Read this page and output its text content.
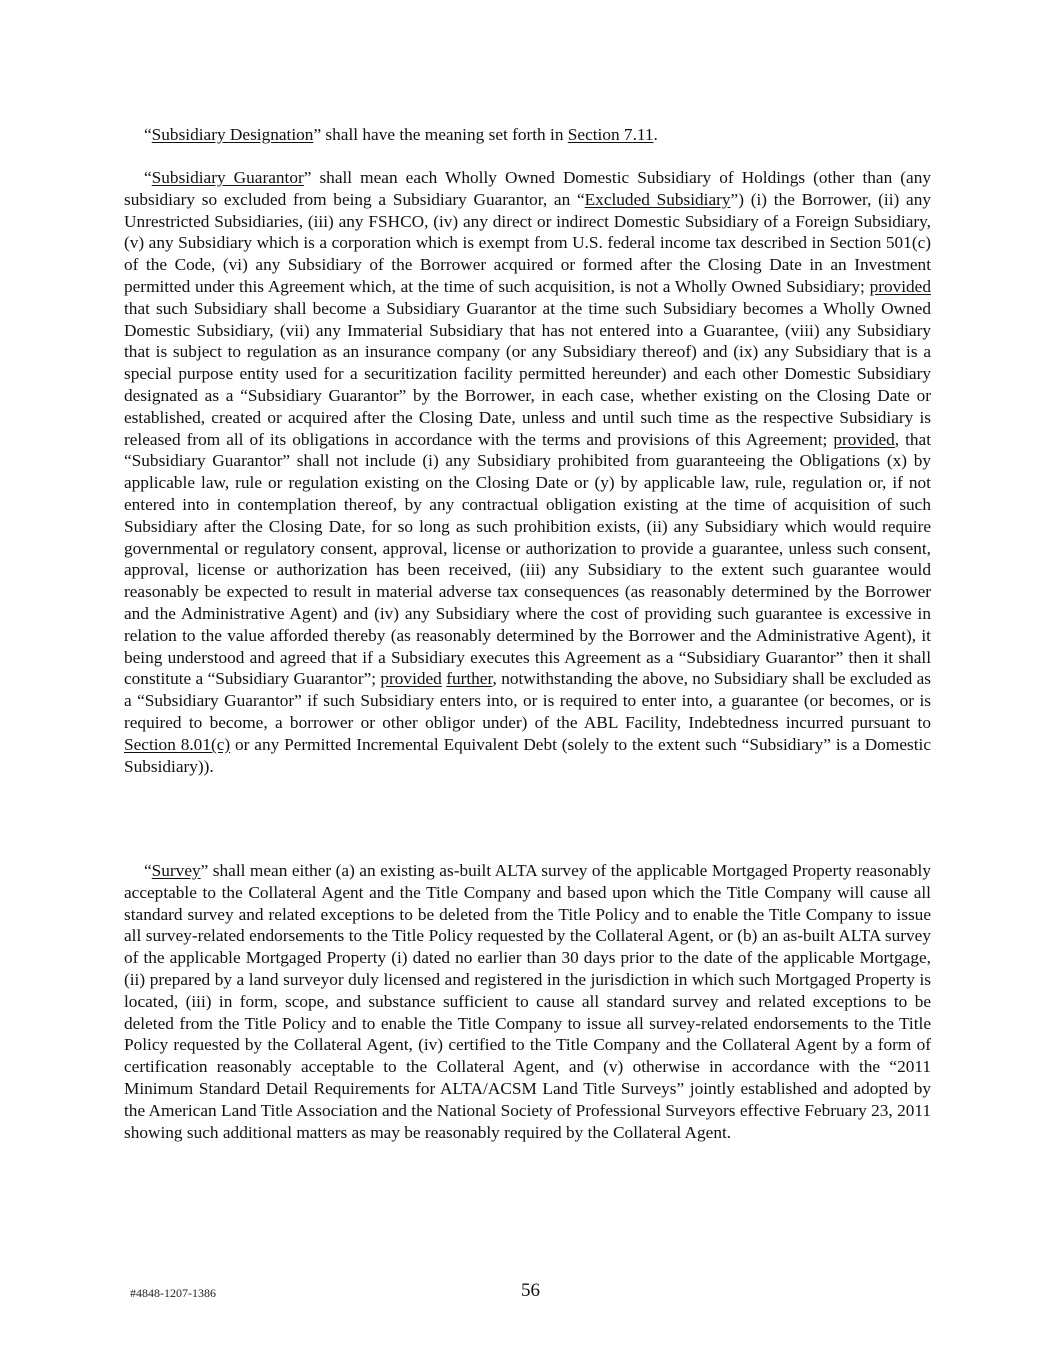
“Subsidiary Designation” shall have the meaning set forth in Section 7.11.

“Subsidiary Guarantor” shall mean each Wholly Owned Domestic Subsidiary of Holdings (other than (any subsidiary so excluded from being a Subsidiary Guarantor, an “Excluded Subsidiary”) (i) the Borrower, (ii) any Unrestricted Subsidiaries, (iii) any FSHCO, (iv) any direct or indirect Domestic Subsidiary of a Foreign Subsidiary, (v) any Subsidiary which is a corporation which is exempt from U.S. federal income tax described in Section 501(c) of the Code, (vi) any Subsidiary of the Borrower acquired or formed after the Closing Date in an Investment permitted under this Agreement which, at the time of such acquisition, is not a Wholly Owned Subsidiary; provided that such Subsidiary shall become a Subsidiary Guarantor at the time such Subsidiary becomes a Wholly Owned Domestic Subsidiary, (vii) any Immaterial Subsidiary that has not entered into a Guarantee, (viii) any Subsidiary that is subject to regulation as an insurance company (or any Subsidiary thereof) and (ix) any Subsidiary that is a special purpose entity used for a securitization facility permitted hereunder) and each other Domestic Subsidiary designated as a “Subsidiary Guarantor” by the Borrower, in each case, whether existing on the Closing Date or established, created or acquired after the Closing Date, unless and until such time as the respective Subsidiary is released from all of its obligations in accordance with the terms and provisions of this Agreement; provided, that “Subsidiary Guarantor” shall not include (i) any Subsidiary prohibited from guaranteeing the Obligations (x) by applicable law, rule or regulation existing on the Closing Date or (y) by applicable law, rule, regulation or, if not entered into in contemplation thereof, by any contractual obligation existing at the time of acquisition of such Subsidiary after the Closing Date, for so long as such prohibition exists, (ii) any Subsidiary which would require governmental or regulatory consent, approval, license or authorization to provide a guarantee, unless such consent, approval, license or authorization has been received, (iii) any Subsidiary to the extent such guarantee would reasonably be expected to result in material adverse tax consequences (as reasonably determined by the Borrower and the Administrative Agent) and (iv) any Subsidiary where the cost of providing such guarantee is excessive in relation to the value afforded thereby (as reasonably determined by the Borrower and the Administrative Agent), it being understood and agreed that if a Subsidiary executes this Agreement as a “Subsidiary Guarantor” then it shall constitute a “Subsidiary Guarantor”; provided further, notwithstanding the above, no Subsidiary shall be excluded as a “Subsidiary Guarantor” if such Subsidiary enters into, or is required to enter into, a guarantee (or becomes, or is required to become, a borrower or other obligor under) of the ABL Facility, Indebtedness incurred pursuant to Section 8.01(c) or any Permitted Incremental Equivalent Debt (solely to the extent such “Subsidiary” is a Domestic Subsidiary)).

“Survey” shall mean either (a) an existing as-built ALTA survey of the applicable Mortgaged Property reasonably acceptable to the Collateral Agent and the Title Company and based upon which the Title Company will cause all standard survey and related exceptions to be deleted from the Title Policy and to enable the Title Company to issue all survey-related endorsements to the Title Policy requested by the Collateral Agent, or (b) an as-built ALTA survey of the applicable Mortgaged Property (i) dated no earlier than 30 days prior to the date of the applicable Mortgage, (ii) prepared by a land surveyor duly licensed and registered in the jurisdiction in which such Mortgaged Property is located, (iii) in form, scope, and substance sufficient to cause all standard survey and related exceptions to be deleted from the Title Policy and to enable the Title Company to issue all survey-related endorsements to the Title Policy requested by the Collateral Agent, (iv) certified to the Title Company and the Collateral Agent by a form of certification reasonably acceptable to the Collateral Agent, and (v) otherwise in accordance with the “2011 Minimum Standard Detail Requirements for ALTA/ACSM Land Title Surveys” jointly established and adopted by the American Land Title Association and the National Society of Professional Surveyors effective February 23, 2011 showing such additional matters as may be reasonably required by the Collateral Agent.

#4848-1207-1386	56
